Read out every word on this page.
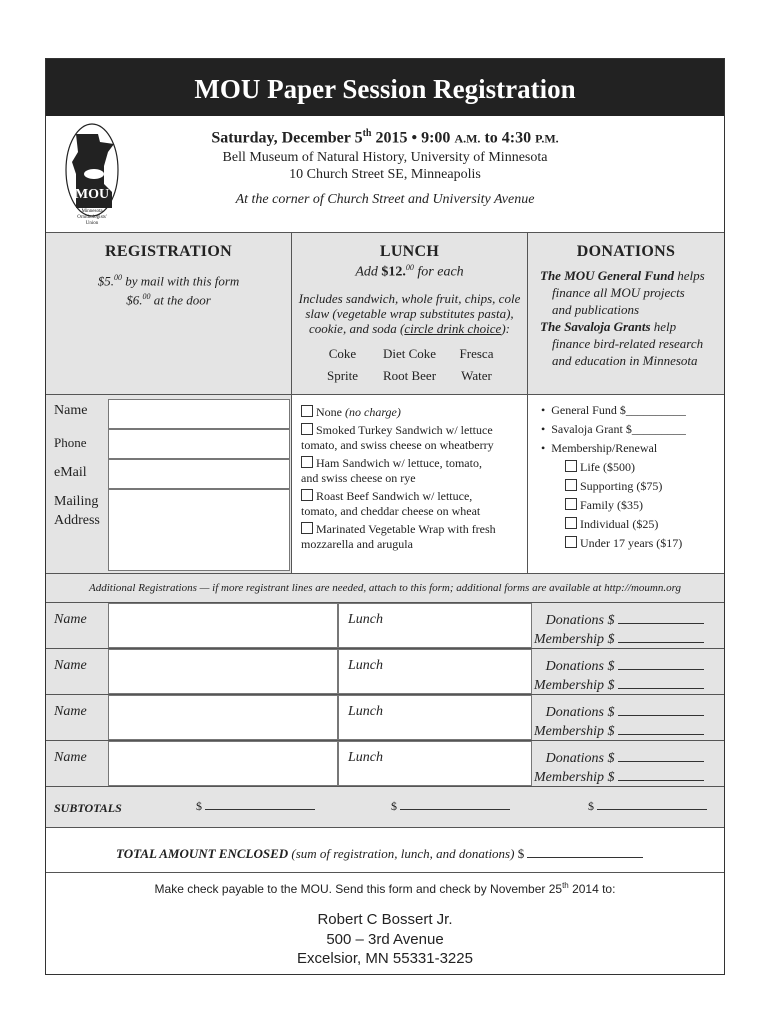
MOU Paper Session Registration
MOU
Minnesota
Ornithologists'
Union
Saturday, December 5th 2015 • 9:00 A.M. to 4:30 P.M.
Bell Museum of Natural History, University of Minnesota
10 Church Street SE, Minneapolis
At the corner of Church Street and University Avenue
REGISTRATION
$5.00 by mail with this form
$6.00 at the door
LUNCH
Add $12.00 for each
Includes sandwich, whole fruit, chips, cole
slaw (vegetable wrap substitutes pasta),
cookie, and soda (circle drink choice):
Coke	Diet Coke	Fresca
Sprite	Root Beer	Water
DONATIONS
The MOU General Fund helps
finance all MOU projects
and publications
The Savaloja Grants help
finance bird-related research
and education in Minnesota
Name
Phone
eMail
Mailing
Address
None (no charge)
Smoked Turkey Sandwich w/ lettuce
tomato, and swiss cheese on wheatberry
Ham Sandwich w/ lettuce, tomato,
and swiss cheese on rye
Roast Beef Sandwich w/ lettuce,
tomato, and cheddar cheese on wheat
Marinated Vegetable Wrap with fresh
mozzarella and arugula
•  General Fund $__________
•  Savaloja Grant $_________
•  Membership/Renewal
Life ($500)
Supporting ($75)
Family ($35)
Individual ($25)
Under 17 years ($17)
Additional Registrations — if more registrant lines are needed, attach to this form; additional forms are available at http://moumn.org
Name	Lunch	Donations $
Membership $
Name	Lunch	Donations $
Membership $
Name	Lunch	Donations $
Membership $
Name	Lunch	Donations $
Membership $
SUBTOTALS	$	$	$
TOTAL AMOUNT ENCLOSED (sum of registration, lunch, and donations) $
Make check payable to the MOU. Send this form and check by November 25th 2014 to:
Robert C Bossert Jr.
500 – 3rd Avenue
Excelsior, MN 55331-3225
